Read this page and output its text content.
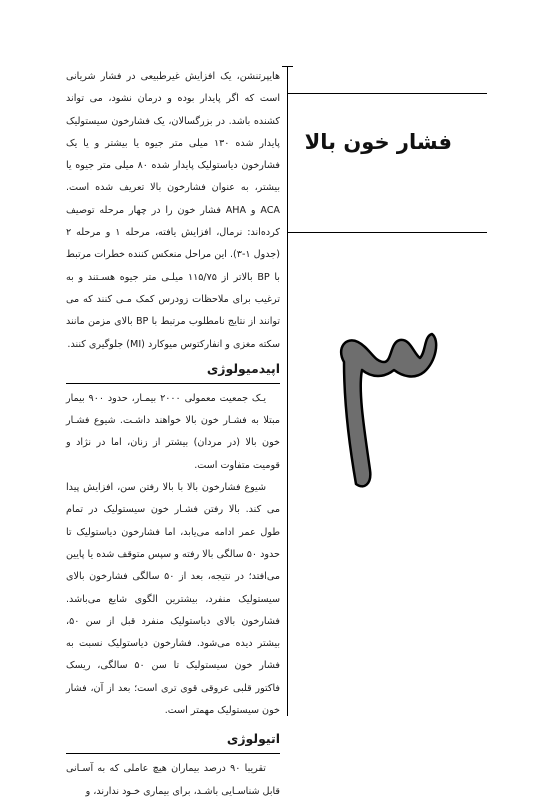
فشار خون بالا

هایپرتنشن، یک افزایش غیرطبیعی در فشار شریانی است که اگر پایدار بوده و درمان نشود، می تواند کشنده باشد. در بزرگسالان، یک فشارخون سیستولیک پایدار شده ۱۳۰ میلی متر جیوه یا بیشتر و یا یک فشارخون دیاستولیک پایدار شده ۸۰ میلی متر جیوه یا بیشتر، به عنوان فشارخون بالا تعریف شده است. ACA و AHA فشار خون را در چهار مرحله توصیف کرده‌اند: نرمال، افزایش یافته، مرحله ۱ و مرحله ۲ (جدول ۱-۳). این مراحل منعکس کننده خطرات مرتبط با BP بالاتر از ۱۱۵/۷۵ میلـی متر جیوه هسـتند و به ترغیب برای ملاحظات زودرس کمک مـی کنند که می توانند از نتایج نامطلوب مرتبط با BP بالای مزمن مانند سکته مغزی و انفارکتوس میوکارد (MI) جلوگیری کنند.

اپیدمیولوژی

یـک جمعیت معمولی ۲۰۰۰ بیمـار، حدود ۹۰۰ بیمار مبتلا به فشـار خون بالا خواهند داشـت. شیوع فشـار خون بالا (در مردان) بیشتر از زنان، اما در نژاد و قومیت متفاوت است.

شیوع فشارخون بالا با بالا رفتن سن، افزایش پیدا می کند. بالا رفتن فشـار خون سیستولیک در تمام طول عمر ادامه می‌یابد، اما فشارخون دیاستولیک تا حدود ۵۰ سالگی بالا رفته و سپس متوقف شده یا پایین می‌افتد؛ در نتیجه، بعد از ۵۰ سالگی فشارخون بالای سیستولیک منفرد، بیشترین الگوی شایع می‌باشد. فشارخون بالای دیاستولیک منفرد قبل از سن ۵۰، بیشتر دیده می‌شود. فشارخون دیاستولیک نسبت به فشار خون سیستولیک تا سن ۵۰ سالگی، ریسک فاکتور قلبی عروقی قوی تری است؛ بعد از آن، فشار خون سیستولیک مهمتر است.

اتیولوژی

تقریبا ۹۰ درصد بیماران هیچ عاملی که به آسـانی قابل شناسـایی باشـد، برای بیماری خـود ندارند، و
